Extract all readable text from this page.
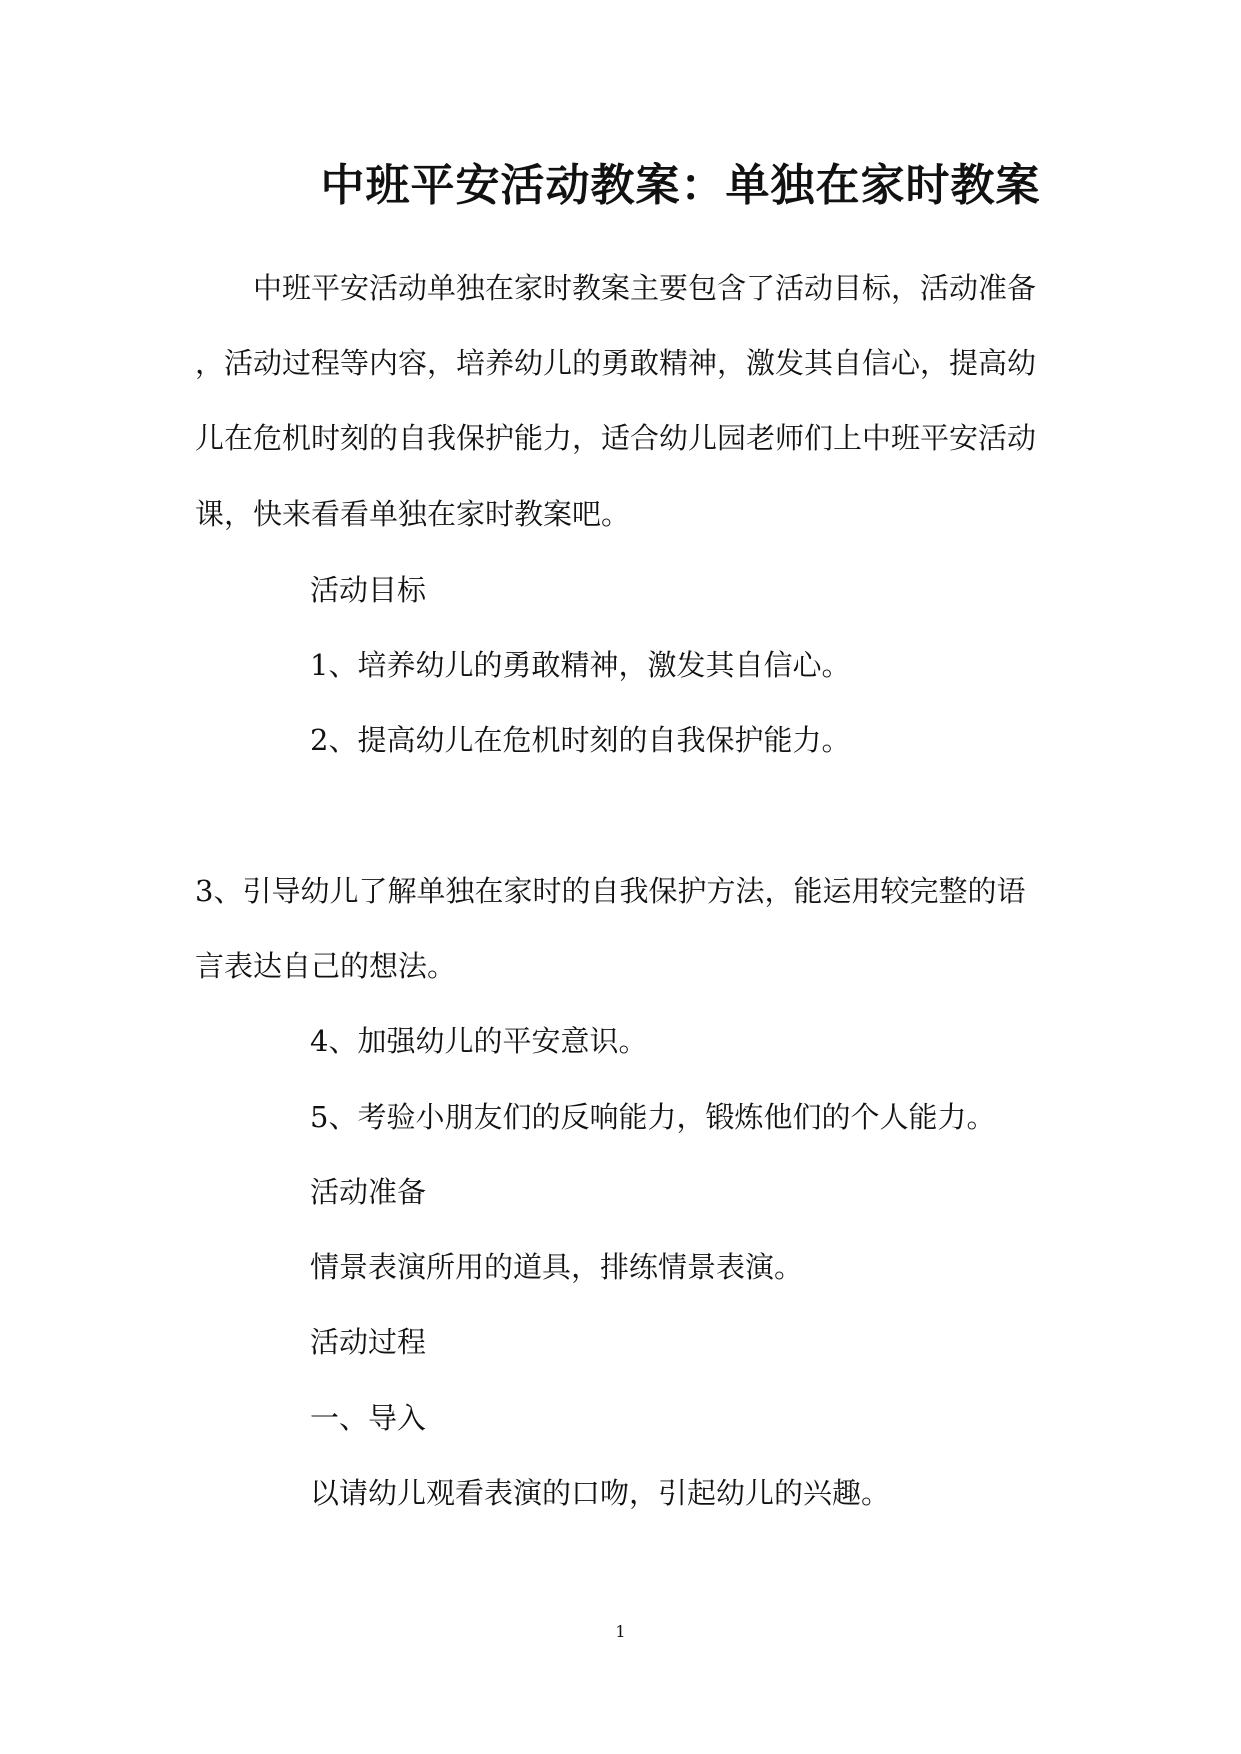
中班平安活动教案：单独在家时教案
中班平安活动单独在家时教案主要包含了活动目标，活动准备
，活动过程等内容，培养幼儿的勇敢精神，激发其自信心，提高幼
儿在危机时刻的自我保护能力，适合幼儿园老师们上中班平安活动
课，快来看看单独在家时教案吧。
活动目标
1、培养幼儿的勇敢精神，激发其自信心。
2、提高幼儿在危机时刻的自我保护能力。
3、引导幼儿了解单独在家时的自我保护方法，能运用较完整的语
言表达自己的想法。
4、加强幼儿的平安意识。
5、考验小朋友们的反响能力，锻炼他们的个人能力。
活动准备
情景表演所用的道具，排练情景表演。
活动过程
一、导入
以请幼儿观看表演的口吻，引起幼儿的兴趣。
1
